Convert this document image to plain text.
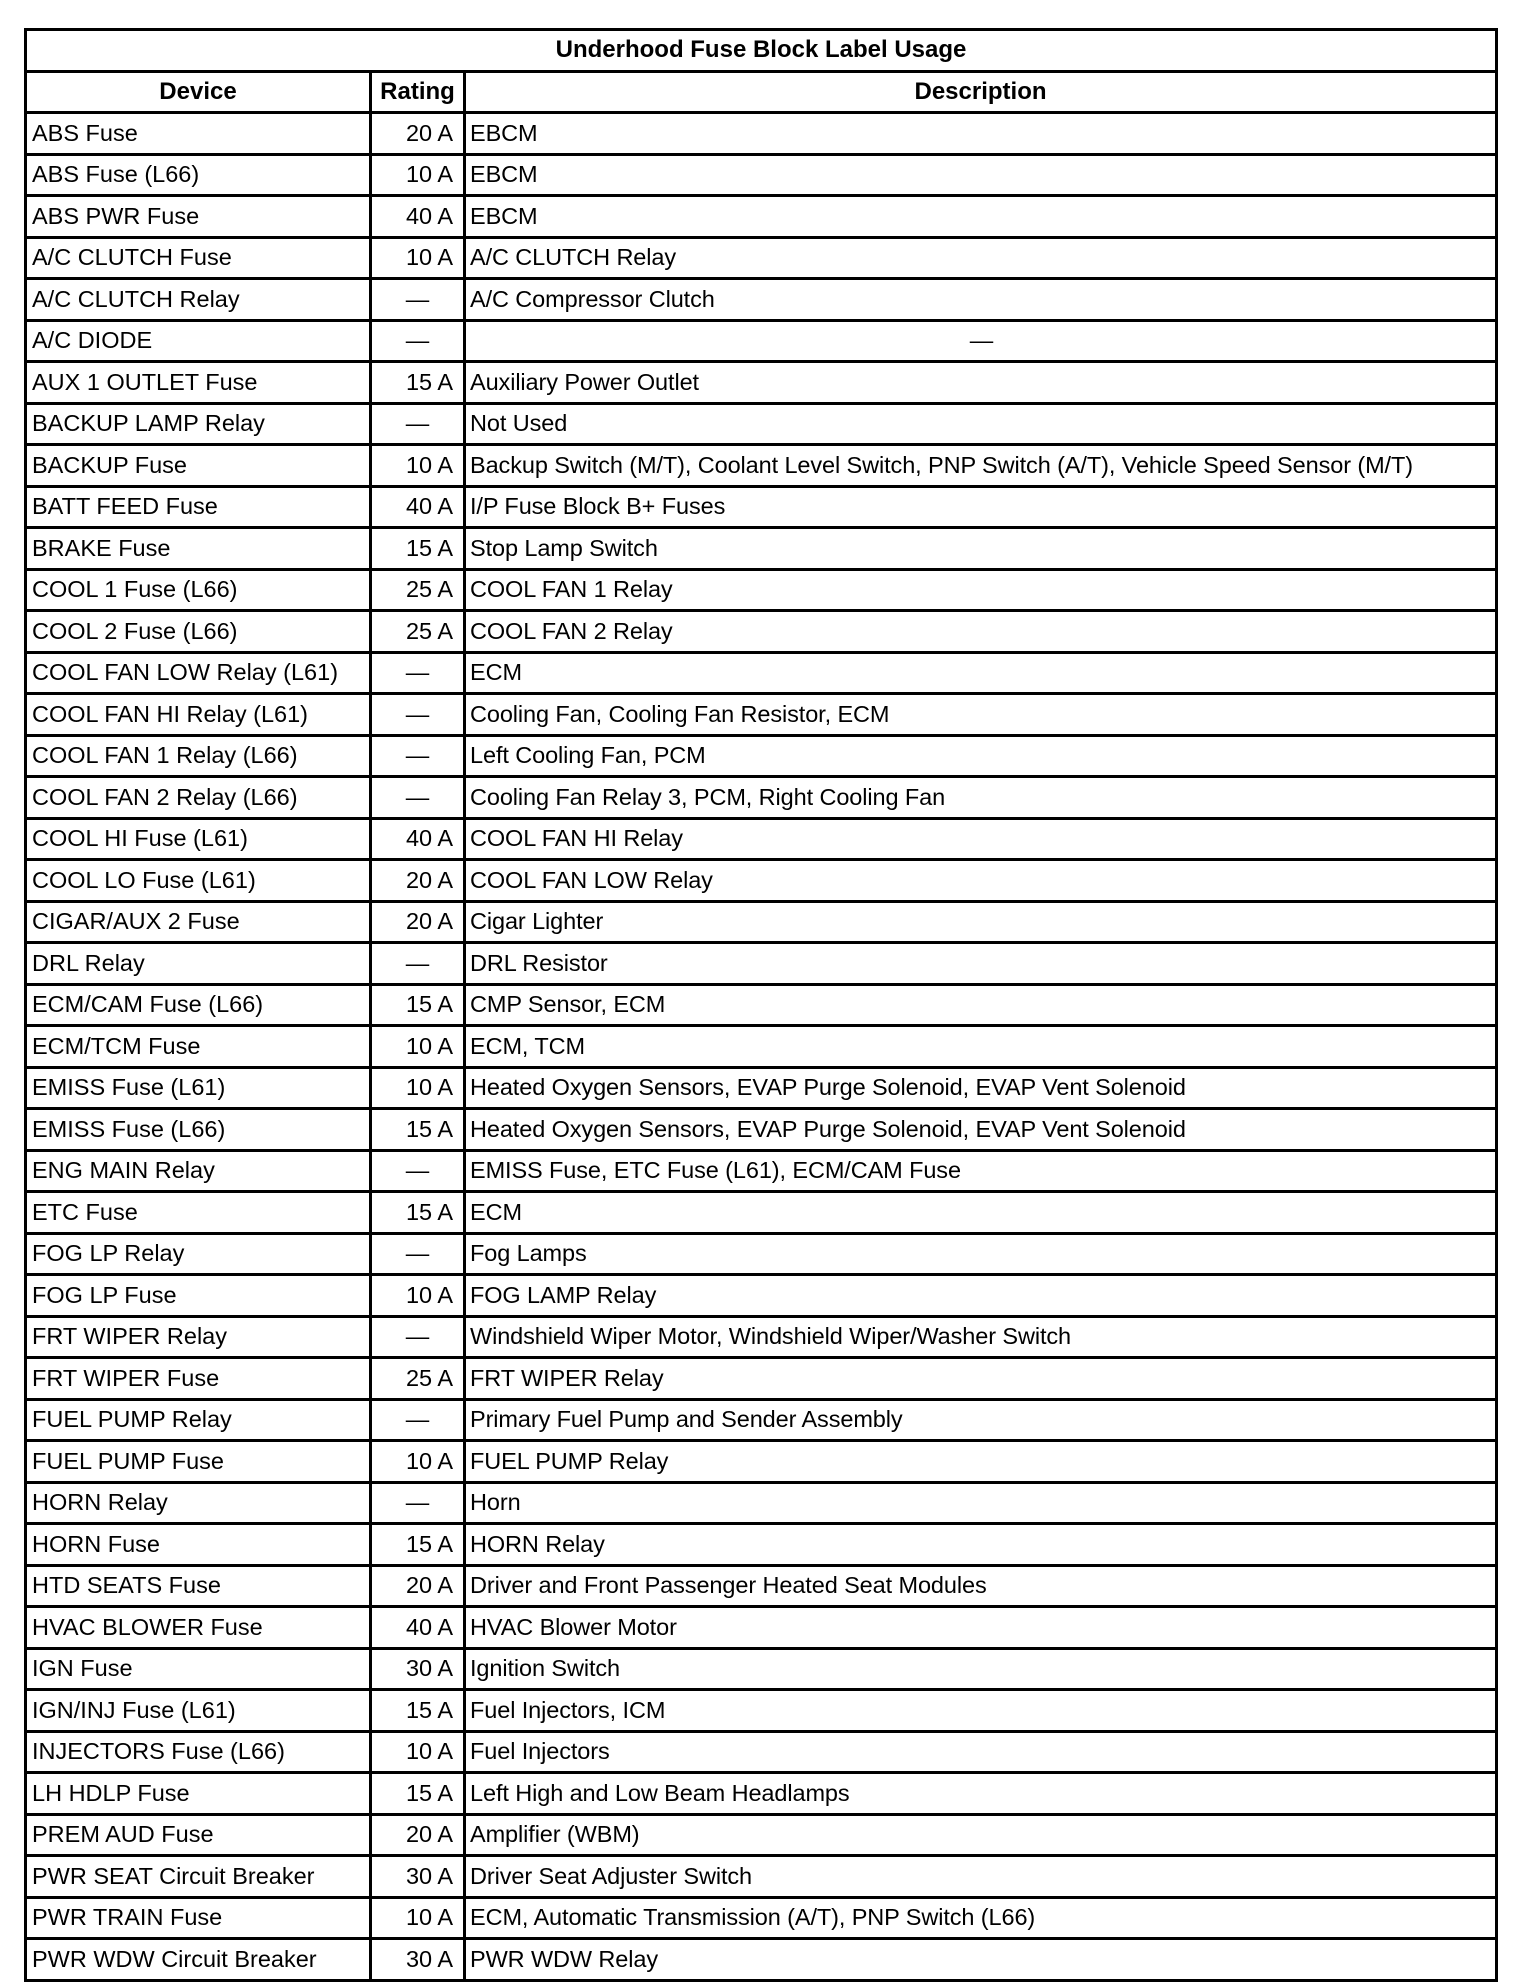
Underhood Fuse Block Label Usage		
Device	Rating	Description
ABS Fuse	20 A	EBCM
ABS Fuse (L66)	10 A	EBCM
ABS PWR Fuse	40 A	EBCM
A/C CLUTCH Fuse	10 A	A/C CLUTCH Relay
A/C CLUTCH Relay	—	A/C Compressor Clutch
A/C DIODE	—	—
AUX 1 OUTLET Fuse	15 A	Auxiliary Power Outlet
BACKUP LAMP Relay	—	Not Used
BACKUP Fuse	10 A	Backup Switch (M/T), Coolant Level Switch, PNP Switch (A/T), Vehicle Speed Sensor (M/T)
BATT FEED Fuse	40 A	I/P Fuse Block B+ Fuses
BRAKE Fuse	15 A	Stop Lamp Switch
COOL 1 Fuse (L66)	25 A	COOL FAN 1 Relay
COOL 2 Fuse (L66)	25 A	COOL FAN 2 Relay
COOL FAN LOW Relay (L61)	—	ECM
COOL FAN HI Relay (L61)	—	Cooling Fan, Cooling Fan Resistor, ECM
COOL FAN 1 Relay (L66)	—	Left Cooling Fan, PCM
COOL FAN 2 Relay (L66)	—	Cooling Fan Relay 3, PCM, Right Cooling Fan
COOL HI Fuse (L61)	40 A	COOL FAN HI Relay
COOL LO Fuse (L61)	20 A	COOL FAN LOW Relay
CIGAR/AUX 2 Fuse	20 A	Cigar Lighter
DRL Relay	—	DRL Resistor
ECM/CAM Fuse (L66)	15 A	CMP Sensor, ECM
ECM/TCM Fuse	10 A	ECM, TCM
EMISS Fuse (L61)	10 A	Heated Oxygen Sensors, EVAP Purge Solenoid, EVAP Vent Solenoid
EMISS Fuse (L66)	15 A	Heated Oxygen Sensors, EVAP Purge Solenoid, EVAP Vent Solenoid
ENG MAIN Relay	—	EMISS Fuse, ETC Fuse (L61), ECM/CAM Fuse
ETC Fuse	15 A	ECM
FOG LP Relay	—	Fog Lamps
FOG LP Fuse	10 A	FOG LAMP Relay
FRT WIPER Relay	—	Windshield Wiper Motor, Windshield Wiper/Washer Switch
FRT WIPER Fuse	25 A	FRT WIPER Relay
FUEL PUMP Relay	—	Primary Fuel Pump and Sender Assembly
FUEL PUMP Fuse	10 A	FUEL PUMP Relay
HORN Relay	—	Horn
HORN Fuse	15 A	HORN Relay
HTD SEATS Fuse	20 A	Driver and Front Passenger Heated Seat Modules
HVAC BLOWER Fuse	40 A	HVAC Blower Motor
IGN Fuse	30 A	Ignition Switch
IGN/INJ Fuse (L61)	15 A	Fuel Injectors, ICM
INJECTORS Fuse (L66)	10 A	Fuel Injectors
LH HDLP Fuse	15 A	Left High and Low Beam Headlamps
PREM AUD Fuse	20 A	Amplifier (WBM)
PWR SEAT Circuit Breaker	30 A	Driver Seat Adjuster Switch
PWR TRAIN Fuse	10 A	ECM, Automatic Transmission (A/T), PNP Switch (L66)
PWR WDW Circuit Breaker	30 A	PWR WDW Relay
